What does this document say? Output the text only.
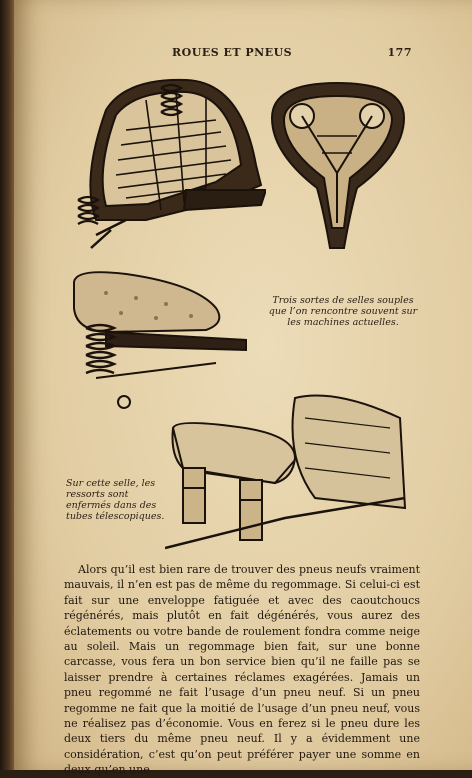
ROUES ET PNEUS	177
Trois sortes de selles souples que l’on rencontre souvent sur les machines actuelles.
Sur cette selle, les ressorts sont enfermés dans des tubes télescopiques.

Alors qu’il est bien rare de trouver des pneus neufs vraiment mauvais, il n’en est pas de même du regommage. Si celui-ci est fait sur une enveloppe fatiguée et avec des caoutchoucs régénérés, mais plutôt en fait dégénérés, vous aurez des éclatements ou votre bande de roulement fondra comme neige au soleil. Mais un regommage bien fait, sur une bonne carcasse, vous fera un bon service bien qu’il ne faille pas se laisser prendre à certaines réclames exagérées. Jamais un pneu regommé ne fait l’usage d’un pneu neuf. Si un pneu regomme ne fait que la moitié de l’usage d’un pneu neuf, vous ne réalisez pas d’économie. Vous en ferez si le pneu dure les deux tiers du même pneu neuf. Il y a évidemment une considération, c’est qu’on peut préférer payer une somme en deux qu’en une
